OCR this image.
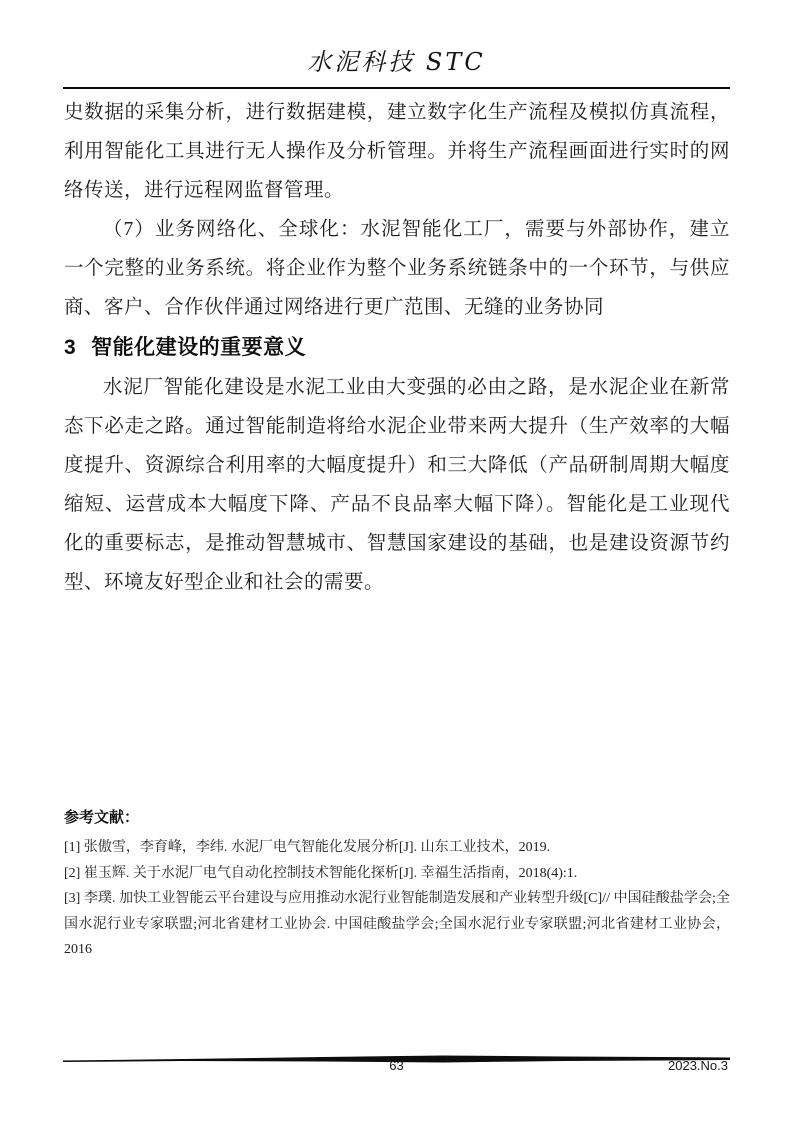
水泥科技 STC

史数据的采集分析，进行数据建模，建立数字化生产流程及模拟仿真流程，利用智能化工具进行无人操作及分析管理。并将生产流程画面进行实时的网络传送，进行远程网监督管理。

（7）业务网络化、全球化：水泥智能化工厂，需要与外部协作，建立一个完整的业务系统。将企业作为整个业务系统链条中的一个环节，与供应商、客户、合作伙伴通过网络进行更广范围、无缝的业务协同

3 智能化建设的重要意义

水泥厂智能化建设是水泥工业由大变强的必由之路，是水泥企业在新常态下必走之路。通过智能制造将给水泥企业带来两大提升（生产效率的大幅度提升、资源综合利用率的大幅度提升）和三大降低（产品研制周期大幅度缩短、运营成本大幅度下降、产品不良品率大幅下降）。智能化是工业现代化的重要标志，是推动智慧城市、智慧国家建设的基础，也是建设资源节约型、环境友好型企业和社会的需要。

参考文献：

[1] 张傲雪，李育峰，李纬. 水泥厂电气智能化发展分析[J]. 山东工业技术，2019.

[2] 崔玉辉. 关于水泥厂电气自动化控制技术智能化探析[J]. 幸福生活指南，2018(4):1.

[3] 李璞. 加快工业智能云平台建设与应用推动水泥行业智能制造发展和产业转型升级[C]// 中国硅酸盐学会;全国水泥行业专家联盟;河北省建材工业协会. 中国硅酸盐学会;全国水泥行业专家联盟;河北省建材工业协会，2016

63	2023.No.3
